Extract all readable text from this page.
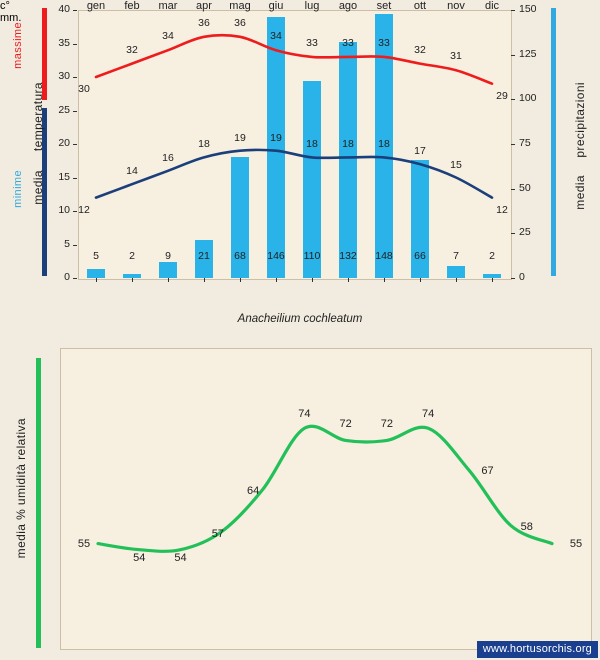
massime
temperatura
media
minime
c°
precipitazioni
media
mm.
0
5
10
15
20
25
30
35
40
0
25
50
75
100
125
150
gen
5
30
12
feb
2
32
14
mar
9
34
16
apr
21
36
18
mag
68
36
19
giu
146
34
19
lug
110
33
18
ago
132
33
18
set
148
33
18
ott
66
32
17
nov
7
31
15
dic
2
29
12
Anacheilium cochleatum
55
54	54
57
64
74
72	72
74
67
58
55
www.hortusorchis.org
media % umidità relativa
